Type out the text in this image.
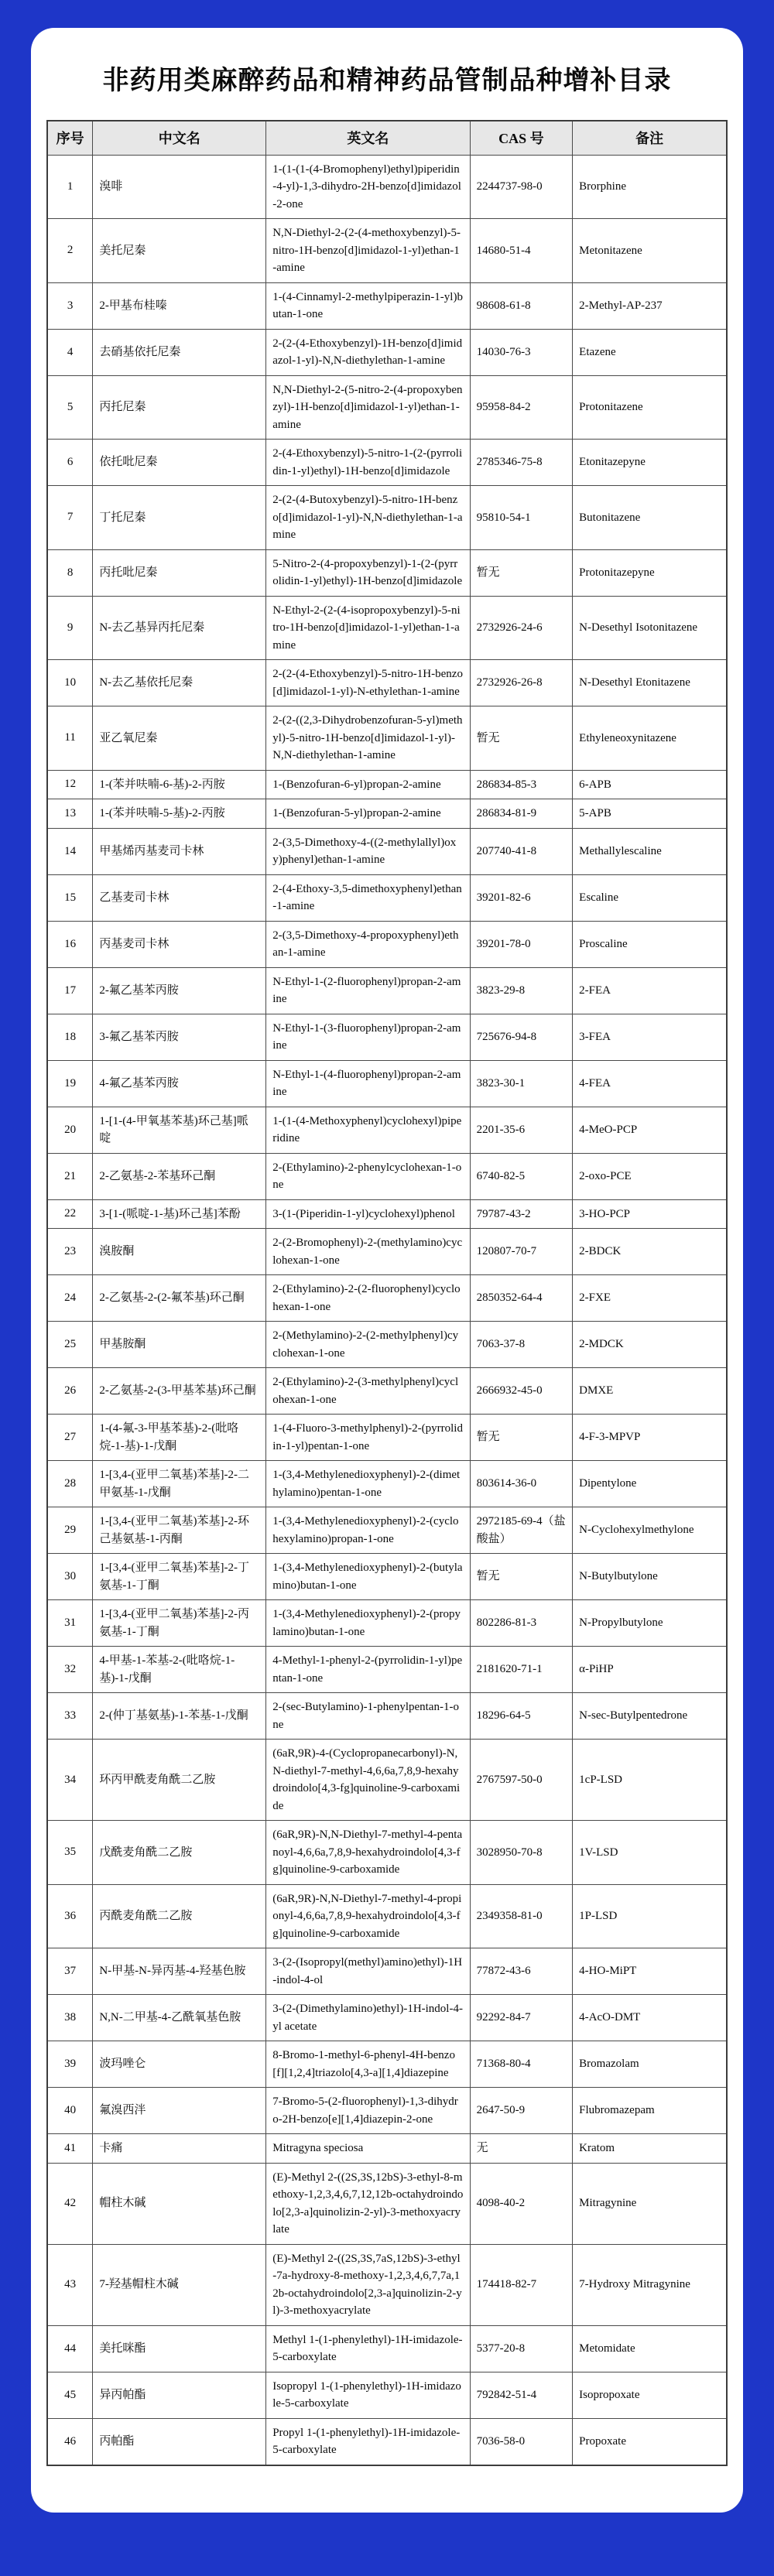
非药用类麻醉药品和精神药品管制品种增补目录
序号	中文名	英文名	CAS 号	备注
1	溴啡	1-(1-(1-(4-Bromophenyl)ethyl)piperidin-4-yl)-1,3-dihydro-2H-benzo[d]imidazol-2-one	2244737-98-0	Brorphine
2	美托尼秦	N,N-Diethyl-2-(2-(4-methoxybenzyl)-5-nitro-1H-benzo[d]imidazol-1-yl)ethan-1-amine	14680-51-4	Metonitazene
3	2-甲基布桂嗪	1-(4-Cinnamyl-2-methylpiperazin-1-yl)butan-1-one	98608-61-8	2-Methyl-AP-237
4	去硝基依托尼秦	2-(2-(4-Ethoxybenzyl)-1H-benzo[d]imidazol-1-yl)-N,N-diethylethan-1-amine	14030-76-3	Etazene
5	丙托尼秦	N,N-Diethyl-2-(5-nitro-2-(4-propoxybenzyl)-1H-benzo[d]imidazol-1-yl)ethan-1-amine	95958-84-2	Protonitazene
6	依托吡尼秦	2-(4-Ethoxybenzyl)-5-nitro-1-(2-(pyrrolidin-1-yl)ethyl)-1H-benzo[d]imidazole	2785346-75-8	Etonitazepyne
7	丁托尼秦	2-(2-(4-Butoxybenzyl)-5-nitro-1H-benzo[d]imidazol-1-yl)-N,N-diethylethan-1-amine	95810-54-1	Butonitazene
8	丙托吡尼秦	5-Nitro-2-(4-propoxybenzyl)-1-(2-(pyrrolidin-1-yl)ethyl)-1H-benzo[d]imidazole	暂无	Protonitazepyne
9	N-去乙基异丙托尼秦	N-Ethyl-2-(2-(4-isopropoxybenzyl)-5-nitro-1H-benzo[d]imidazol-1-yl)ethan-1-amine	2732926-24-6	N-Desethyl Isotonitazene
10	N-去乙基依托尼秦	2-(2-(4-Ethoxybenzyl)-5-nitro-1H-benzo[d]imidazol-1-yl)-N-ethylethan-1-amine	2732926-26-8	N-Desethyl Etonitazene
11	亚乙氧尼秦	2-(2-((2,3-Dihydrobenzofuran-5-yl)methyl)-5-nitro-1H-benzo[d]imidazol-1-yl)-N,N-diethylethan-1-amine	暂无	Ethyleneoxynitazene
12	1-(苯并呋喃-6-基)-2-丙胺	1-(Benzofuran-6-yl)propan-2-amine	286834-85-3	6-APB
13	1-(苯并呋喃-5-基)-2-丙胺	1-(Benzofuran-5-yl)propan-2-amine	286834-81-9	5-APB
14	甲基烯丙基麦司卡林	2-(3,5-Dimethoxy-4-((2-methylallyl)oxy)phenyl)ethan-1-amine	207740-41-8	Methallylescaline
15	乙基麦司卡林	2-(4-Ethoxy-3,5-dimethoxyphenyl)ethan-1-amine	39201-82-6	Escaline
16	丙基麦司卡林	2-(3,5-Dimethoxy-4-propoxyphenyl)ethan-1-amine	39201-78-0	Proscaline
17	2-氟乙基苯丙胺	N-Ethyl-1-(2-fluorophenyl)propan-2-amine	3823-29-8	2-FEA
18	3-氟乙基苯丙胺	N-Ethyl-1-(3-fluorophenyl)propan-2-amine	725676-94-8	3-FEA
19	4-氟乙基苯丙胺	N-Ethyl-1-(4-fluorophenyl)propan-2-amine	3823-30-1	4-FEA
20	1-[1-(4-甲氧基苯基)环己基]哌啶	1-(1-(4-Methoxyphenyl)cyclohexyl)piperidine	2201-35-6	4-MeO-PCP
21	2-乙氨基-2-苯基环己酮	2-(Ethylamino)-2-phenylcyclohexan-1-one	6740-82-5	2-oxo-PCE
22	3-[1-(哌啶-1-基)环己基]苯酚	3-(1-(Piperidin-1-yl)cyclohexyl)phenol	79787-43-2	3-HO-PCP
23	溴胺酮	2-(2-Bromophenyl)-2-(methylamino)cyclohexan-1-one	120807-70-7	2-BDCK
24	2-乙氨基-2-(2-氟苯基)环己酮	2-(Ethylamino)-2-(2-fluorophenyl)cyclohexan-1-one	2850352-64-4	2-FXE
25	甲基胺酮	2-(Methylamino)-2-(2-methylphenyl)cyclohexan-1-one	7063-37-8	2-MDCK
26	2-乙氨基-2-(3-甲基苯基)环己酮	2-(Ethylamino)-2-(3-methylphenyl)cyclohexan-1-one	2666932-45-0	DMXE
27	1-(4-氟-3-甲基苯基)-2-(吡咯烷-1-基)-1-戊酮	1-(4-Fluoro-3-methylphenyl)-2-(pyrrolidin-1-yl)pentan-1-one	暂无	4-F-3-MPVP
28	1-[3,4-(亚甲二氧基)苯基]-2-二甲氨基-1-戊酮	1-(3,4-Methylenedioxyphenyl)-2-(dimethylamino)pentan-1-one	803614-36-0	Dipentylone
29	1-[3,4-(亚甲二氧基)苯基]-2-环己基氨基-1-丙酮	1-(3,4-Methylenedioxyphenyl)-2-(cyclohexylamino)propan-1-one	2972185-69-4（盐酸盐）	N-Cyclohexylmethylone
30	1-[3,4-(亚甲二氧基)苯基]-2-丁氨基-1-丁酮	1-(3,4-Methylenedioxyphenyl)-2-(butylamino)butan-1-one	暂无	N-Butylbutylone
31	1-[3,4-(亚甲二氧基)苯基]-2-丙氨基-1-丁酮	1-(3,4-Methylenedioxyphenyl)-2-(propylamino)butan-1-one	802286-81-3	N-Propylbutylone
32	4-甲基-1-苯基-2-(吡咯烷-1-基)-1-戊酮	4-Methyl-1-phenyl-2-(pyrrolidin-1-yl)pentan-1-one	2181620-71-1	α-PiHP
33	2-(仲丁基氨基)-1-苯基-1-戊酮	2-(sec-Butylamino)-1-phenylpentan-1-one	18296-64-5	N-sec-Butylpentedrone
34	环丙甲酰麦角酰二乙胺	(6aR,9R)-4-(Cyclopropanecarbonyl)-N,N-diethyl-7-methyl-4,6,6a,7,8,9-hexahydroindolo[4,3-fg]quinoline-9-carboxamide	2767597-50-0	1cP-LSD
35	戊酰麦角酰二乙胺	(6aR,9R)-N,N-Diethyl-7-methyl-4-pentanoyl-4,6,6a,7,8,9-hexahydroindolo[4,3-fg]quinoline-9-carboxamide	3028950-70-8	1V-LSD
36	丙酰麦角酰二乙胺	(6aR,9R)-N,N-Diethyl-7-methyl-4-propionyl-4,6,6a,7,8,9-hexahydroindolo[4,3-fg]quinoline-9-carboxamide	2349358-81-0	1P-LSD
37	N-甲基-N-异丙基-4-羟基色胺	3-(2-(Isopropyl(methyl)amino)ethyl)-1H-indol-4-ol	77872-43-6	4-HO-MiPT
38	N,N-二甲基-4-乙酰氧基色胺	3-(2-(Dimethylamino)ethyl)-1H-indol-4-yl acetate	92292-84-7	4-AcO-DMT
39	波玛唑仑	8-Bromo-1-methyl-6-phenyl-4H-benzo[f][1,2,4]triazolo[4,3-a][1,4]diazepine	71368-80-4	Bromazolam
40	氟溴西泮	7-Bromo-5-(2-fluorophenyl)-1,3-dihydro-2H-benzo[e][1,4]diazepin-2-one	2647-50-9	Flubromazepam
41	卡痛	Mitragyna speciosa	无	Kratom
42	帽柱木碱	(E)-Methyl 2-((2S,3S,12bS)-3-ethyl-8-methoxy-1,2,3,4,6,7,12,12b-octahydroindolo[2,3-a]quinolizin-2-yl)-3-methoxyacrylate	4098-40-2	Mitragynine
43	7-羟基帽柱木碱	(E)-Methyl 2-((2S,3S,7aS,12bS)-3-ethyl-7a-hydroxy-8-methoxy-1,2,3,4,6,7,7a,12b-octahydroindolo[2,3-a]quinolizin-2-yl)-3-methoxyacrylate	174418-82-7	7-Hydroxy Mitragynine
44	美托咪酯	Methyl 1-(1-phenylethyl)-1H-imidazole-5-carboxylate	5377-20-8	Metomidate
45	异丙帕酯	Isopropyl 1-(1-phenylethyl)-1H-imidazole-5-carboxylate	792842-51-4	Isopropoxate
46	丙帕酯	Propyl 1-(1-phenylethyl)-1H-imidazole-5-carboxylate	7036-58-0	Propoxate
